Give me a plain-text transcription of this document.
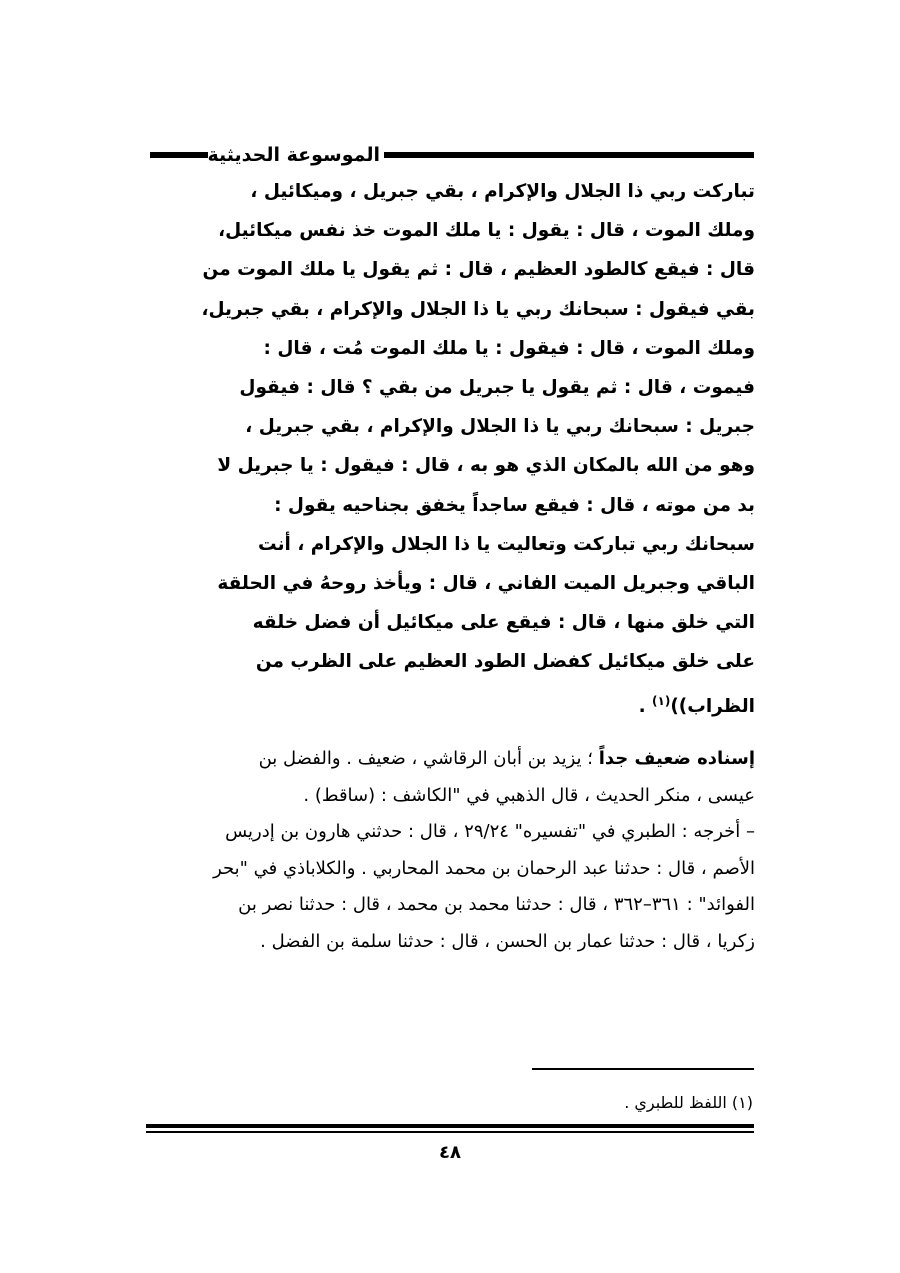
الموسوعة الحديثية

تباركت ربي ذا الجلال والإكرام ، بقي جبريل ، وميكائيل ،

وملك الموت ، قال : يقول : يا ملك الموت خذ نفس ميكائيل،

قال : فيقع كالطود العظيم ، قال : ثم يقول يا ملك الموت من

بقي فيقول : سبحانك ربي يا ذا الجلال والإكرام ، بقي جبريل،

وملك الموت ، قال : فيقول : يا ملك الموت مُت ، قال :

فيموت ، قال : ثم يقول يا جبريل من بقي ؟ قال : فيقول

جبريل : سبحانك ربي يا ذا الجلال والإكرام ، بقي جبريل ،

وهو من الله بالمكان الذي هو به ، قال : فيقول : يا جبريل لا

بد من موته ، قال : فيقع ساجداً يخفق بجناحيه يقول :

سبحانك ربي تباركت وتعاليت يا ذا الجلال والإكرام ، أنت

الباقي وجبريل الميت الفاني ، قال : ويأخذ روحهُ في الحلقة

التي خلق منها ، قال : فيقع على ميكائيل أن فضل خلقه

على خلق ميكائيل كفضل الطود العظيم على الظرب من

الظراب))$^{(١)}$ .

إسناده ضعيف جداً ؛ يزيد بن أبان الرقاشي ، ضعيف . والفضل بن

عيسى ، منكر الحديث ، قال الذهبي في "الكاشف : (ساقط) .

– أخرجه : الطبري في "تفسيره" ٢٩/٢٤ ، قال : حدثني هارون بن إدريس

الأصم ، قال : حدثنا عبد الرحمان بن محمد المحاربي . والكلاباذي في "بحر

الفوائد" : ٣٦١–٣٦٢ ، قال : حدثنا محمد بن محمد ، قال : حدثنا نصر بن

زكريا ، قال : حدثنا عمار بن الحسن ، قال : حدثنا سلمة بن الفضل .

(١) اللفظ للطبري .
٤٨
